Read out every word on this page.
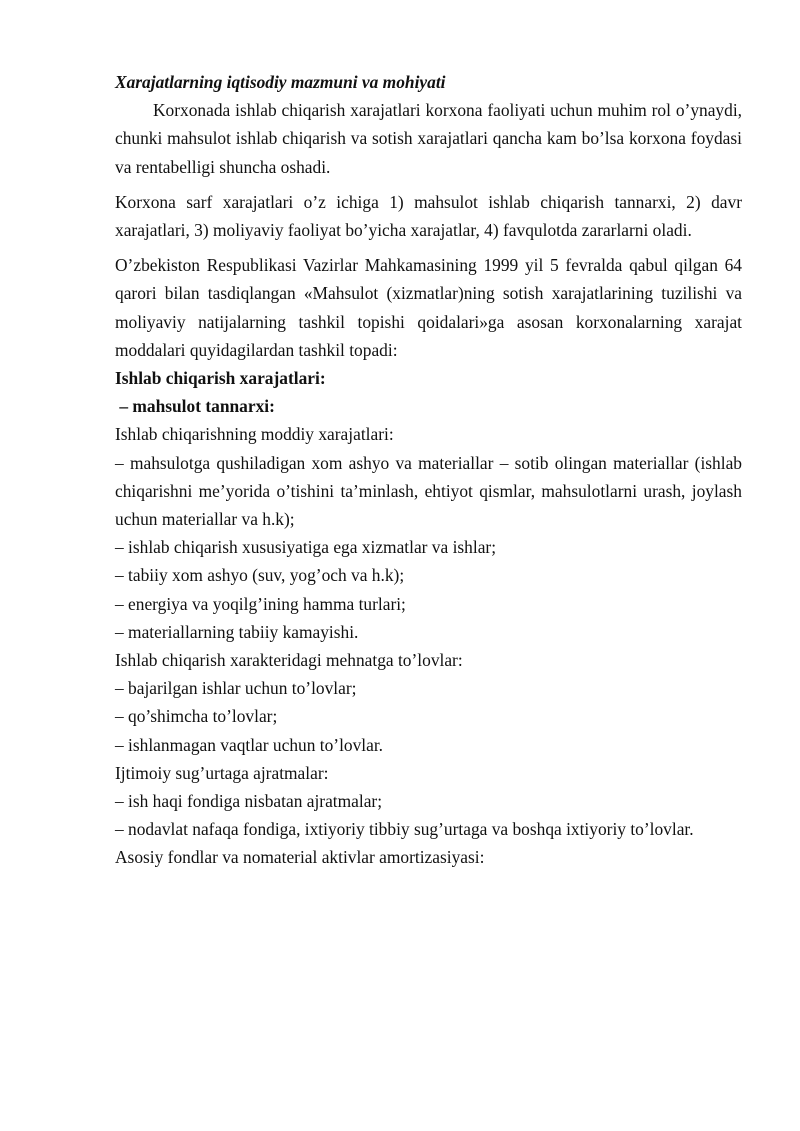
Xarajatlarning iqtisodiy mazmuni va mohiyati

Korxonada ishlab chiqarish xarajatlari korxona faoliyati uchun muhim rol o’ynaydi, chunki mahsulot ishlab chiqarish va sotish xarajatlari qancha kam bo’lsa korxona foydasi va rentabelligi shuncha oshadi.

Korxona sarf xarajatlari o’z ichiga 1) mahsulot ishlab chiqarish tannarxi, 2) davr xarajatlari, 3) moliyaviy faoliyat bo’yicha xarajatlar, 4) favqulotda zararlarni oladi.

O’zbekiston Respublikasi Vazirlar Mahkamasining 1999 yil 5 fevralda qabul qilgan 64 qarori bilan tasdiqlangan «Mahsulot (xizmatlar)ning sotish xarajatlarining tuzilishi va moliyaviy natijalarning tashkil topishi qoidalari»ga asosan korxonalarning xarajat moddalari quyidagilardan tashkil topadi:

Ishlab chiqarish xarajatlari:

– mahsulot tannarxi:

Ishlab chiqarishning moddiy xarajatlari:

– mahsulotga qushiladigan xom ashyo va materiallar – sotib olingan materiallar (ishlab chiqarishni me’yorida o’tishini ta’minlash, ehtiyot qismlar, mahsulotlarni urash, joylash uchun materiallar va h.k);

– ishlab chiqarish xususiyatiga ega xizmatlar va ishlar;

– tabiiy xom ashyo (suv, yog’och va h.k);

– energiya va yoqilg’ining hamma turlari;

– materiallarning tabiiy kamayishi.

Ishlab chiqarish xarakteridagi mehnatga to’lovlar:

– bajarilgan ishlar uchun to’lovlar;

– qo’shimcha to’lovlar;

– ishlanmagan vaqtlar uchun to’lovlar.

Ijtimoiy sug’urtaga ajratmalar:

– ish haqi fondiga nisbatan ajratmalar;

– nodavlat nafaqa fondiga, ixtiyoriy tibbiy sug’urtaga va boshqa ixtiyoriy to’lovlar.

Asosiy fondlar va nomaterial aktivlar amortizasiyasi:
